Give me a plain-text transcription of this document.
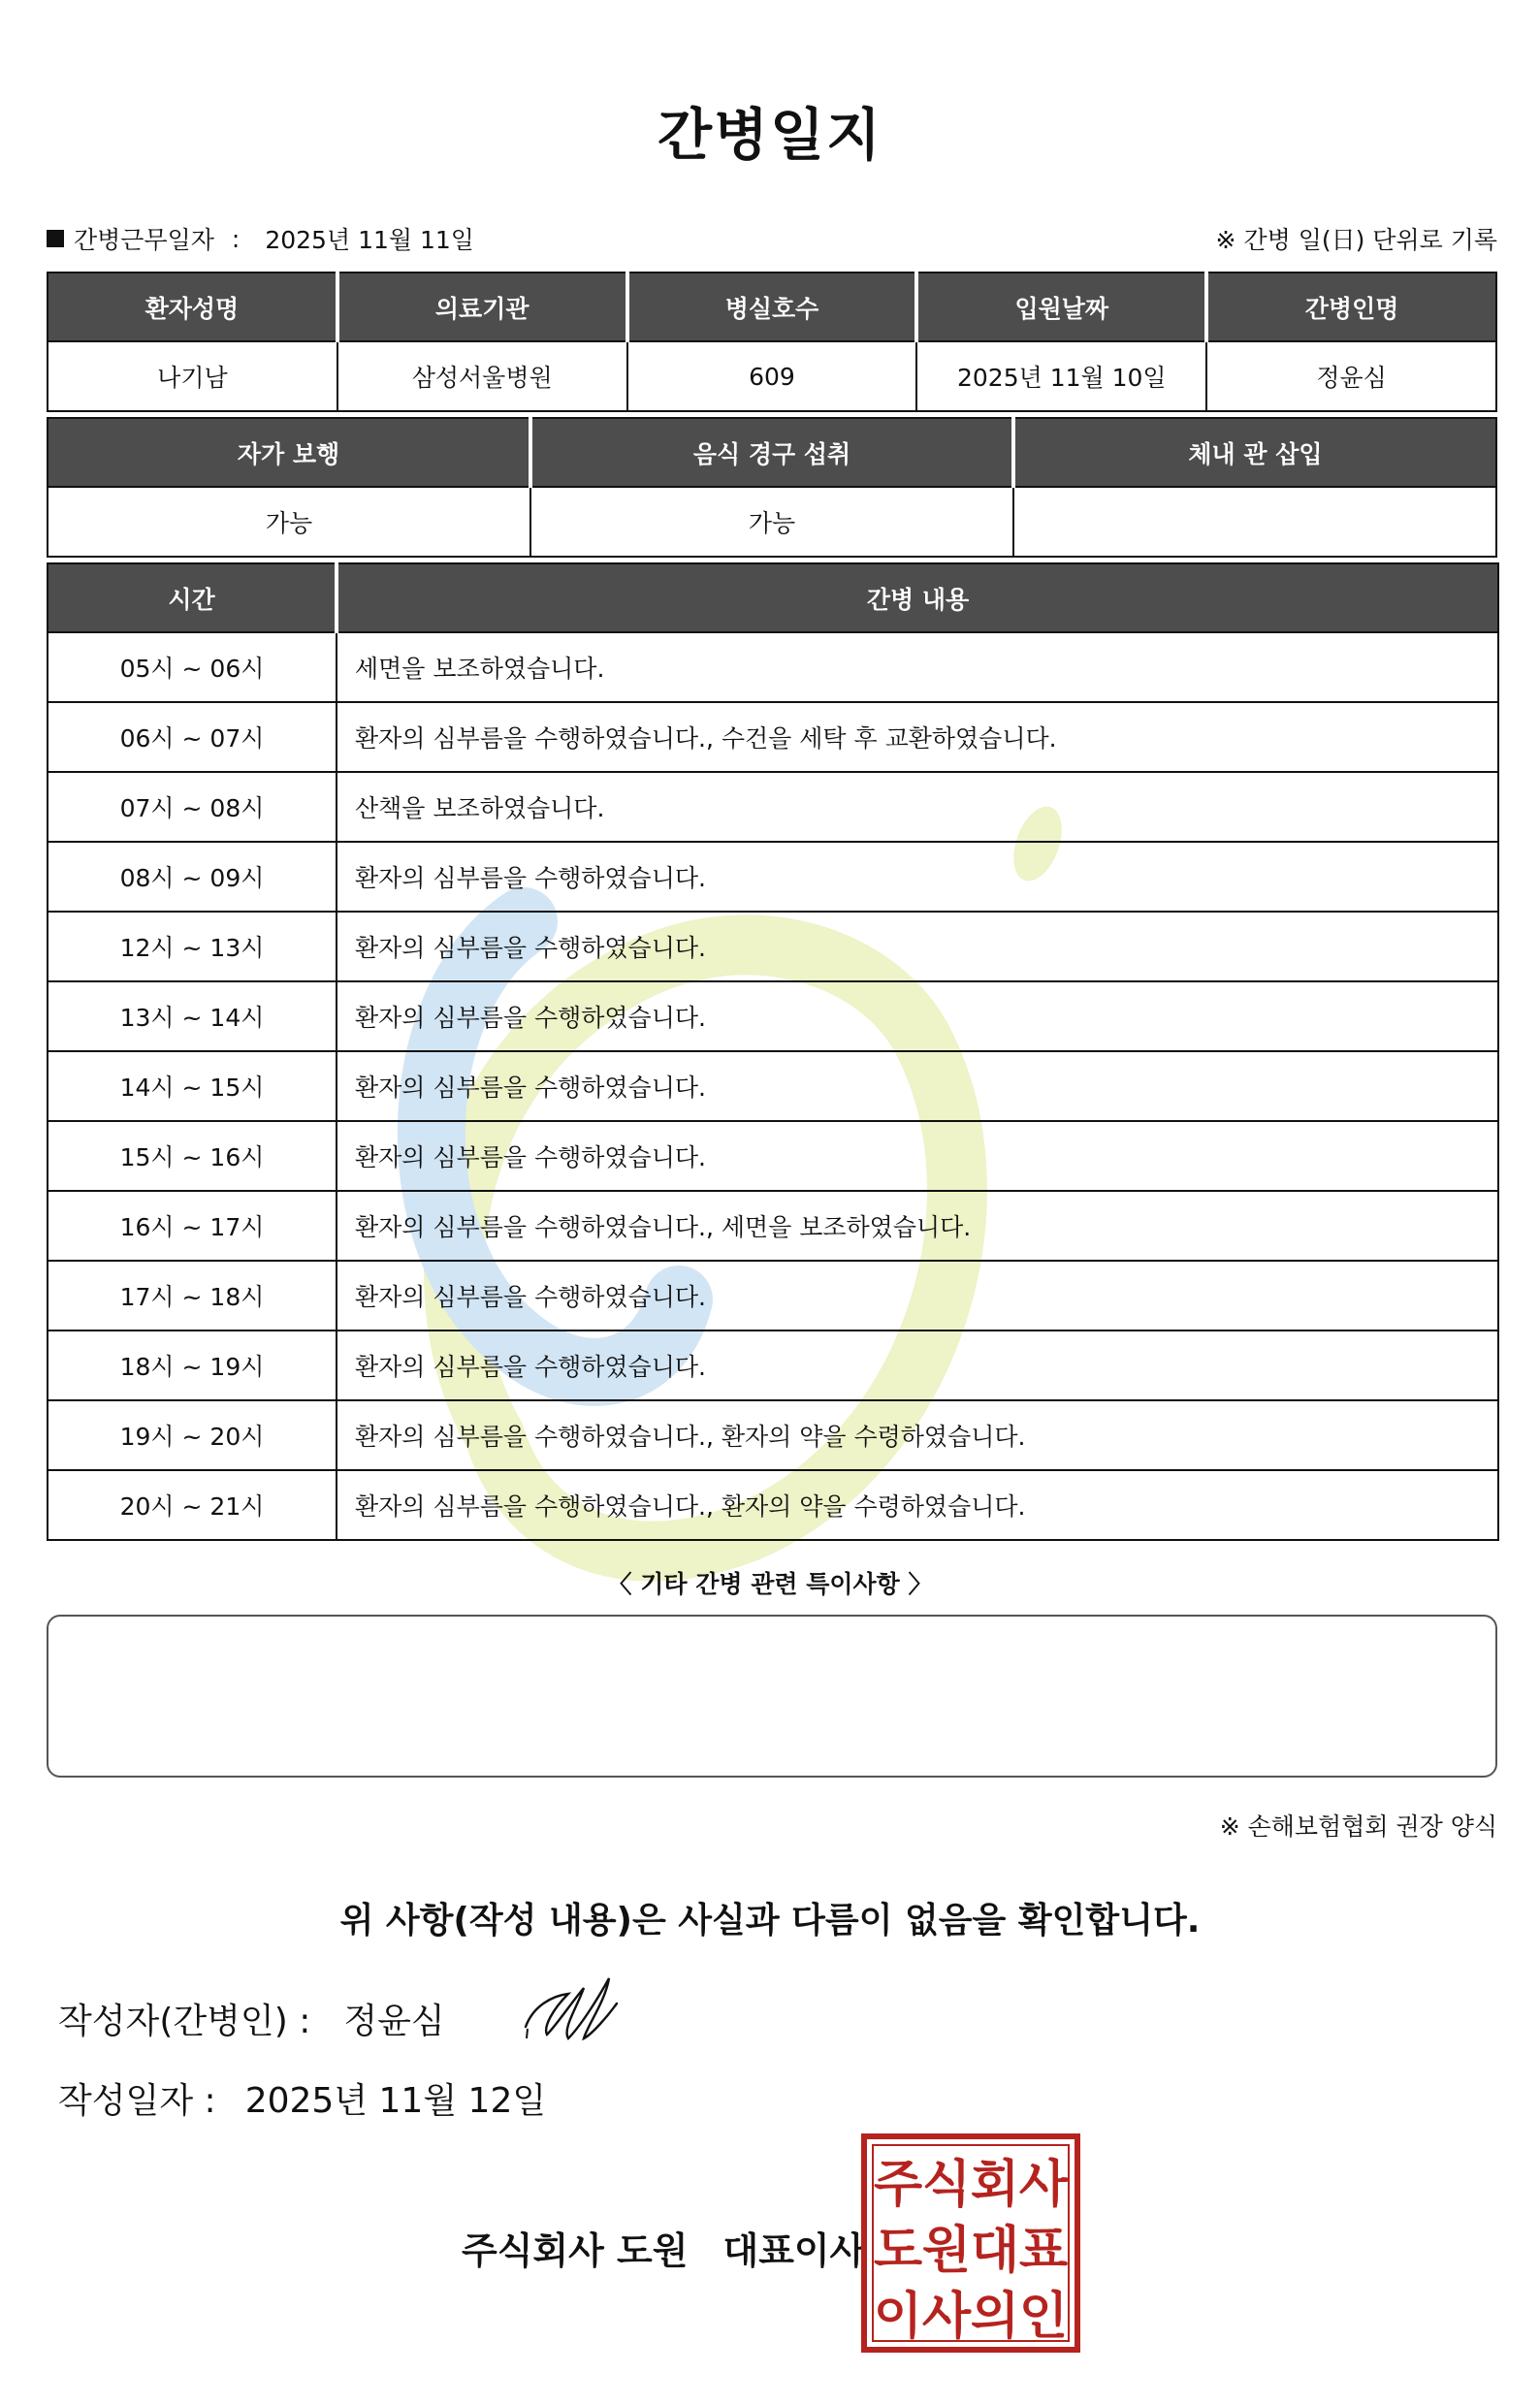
간병일지
간병근무일자 : 2025년 11월 11일	※ 간병 일(日) 단위로 기록
환자성명	의료기관	병실호수	입원날짜	간병인명
나기남	삼성서울병원	609	2025년 11월 10일	정윤심
자가 보행	음식 경구 섭취	체내 관 삽입
가능	가능	
시간	간병 내용
05시 ~ 06시	세면을 보조하였습니다.
06시 ~ 07시	환자의 심부름을 수행하였습니다., 수건을 세탁 후 교환하였습니다.
07시 ~ 08시	산책을 보조하였습니다.
08시 ~ 09시	환자의 심부름을 수행하였습니다.
12시 ~ 13시	환자의 심부름을 수행하였습니다.
13시 ~ 14시	환자의 심부름을 수행하였습니다.
14시 ~ 15시	환자의 심부름을 수행하였습니다.
15시 ~ 16시	환자의 심부름을 수행하였습니다.
16시 ~ 17시	환자의 심부름을 수행하였습니다., 세면을 보조하였습니다.
17시 ~ 18시	환자의 심부름을 수행하였습니다.
18시 ~ 19시	환자의 심부름을 수행하였습니다.
19시 ~ 20시	환자의 심부름을 수행하였습니다., 환자의 약을 수령하였습니다.
20시 ~ 21시	환자의 심부름을 수행하였습니다., 환자의 약을 수령하였습니다.
〈 기타 간병 관련 특이사항 〉
※ 손해보험협회 권장 양식
위 사항(작성 내용)은 사실과 다름이 없음을 확인합니다.
작성자(간병인) : 정윤심
작성일자 : 2025년 11월 12일
주식회사 도원 대표이사
주 식 회 사
도 원 대 표
이 사 의 인
